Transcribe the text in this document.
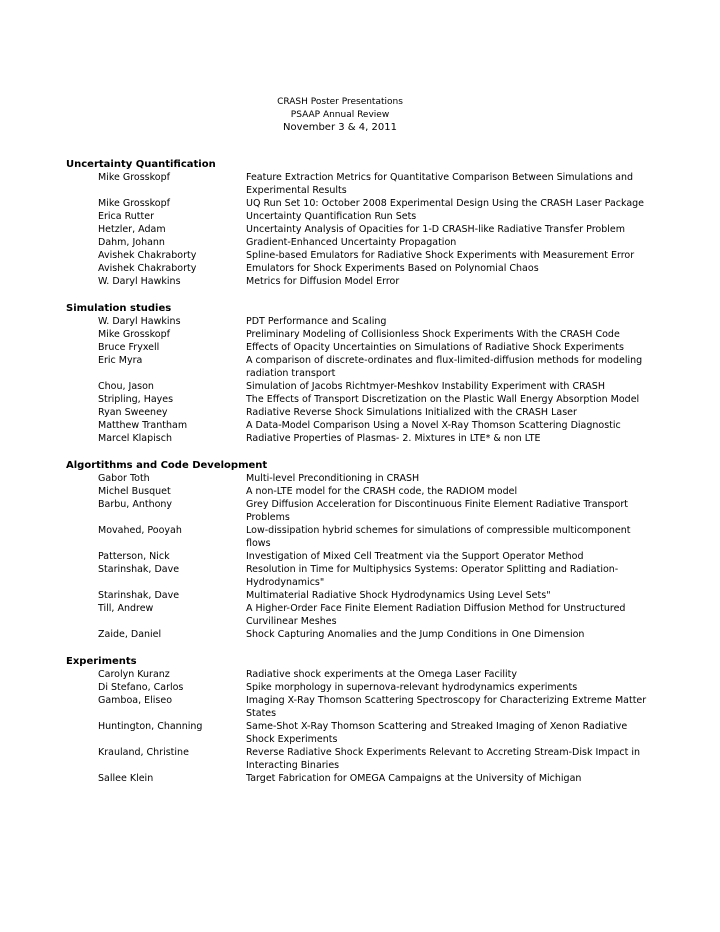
CRASH Poster Presentations
PSAAP Annual Review
November 3 & 4, 2011
Uncertainty Quantification
Mike Grosskopf	Feature Extraction Metrics for Quantitative Comparison Between Simulations and Experimental Results
Mike Grosskopf	UQ Run Set 10: October 2008 Experimental Design Using the CRASH Laser Package
Erica Rutter	Uncertainty Quantification Run Sets
Hetzler, Adam	Uncertainty Analysis of Opacities for 1-D CRASH-like Radiative Transfer Problem
Dahm, Johann	Gradient-Enhanced Uncertainty Propagation
Avishek Chakraborty	Spline-based Emulators for Radiative Shock Experiments with Measurement Error
Avishek Chakraborty	Emulators for Shock Experiments Based on Polynomial Chaos
W. Daryl Hawkins	Metrics for Diffusion Model Error
Simulation studies
W. Daryl Hawkins	PDT Performance and Scaling
Mike Grosskopf	Preliminary Modeling of Collisionless Shock Experiments With the CRASH Code
Bruce Fryxell	Effects of Opacity Uncertainties on Simulations of Radiative Shock Experiments
Eric Myra	A comparison of discrete-ordinates and flux-limited-diffusion methods for modeling radiation transport
Chou, Jason	Simulation of Jacobs Richtmyer-Meshkov Instability Experiment with CRASH
Stripling, Hayes	The Effects of Transport Discretization on the Plastic Wall Energy Absorption Model
Ryan Sweeney	Radiative Reverse Shock Simulations Initialized with the CRASH Laser
Matthew Trantham	A Data-Model Comparison Using a Novel X-Ray Thomson Scattering Diagnostic
Marcel Klapisch	Radiative Properties of Plasmas- 2. Mixtures in LTE* & non LTE
Algortithms and Code Development
Gabor Toth	Multi-level Preconditioning in CRASH
Michel Busquet	A non-LTE model for the CRASH code, the RADIOM model
Barbu, Anthony	Grey Diffusion Acceleration for Discontinuous Finite Element Radiative Transport Problems
Movahed, Pooyah	Low-dissipation hybrid schemes for simulations of compressible multicomponent flows
Patterson, Nick	Investigation of Mixed Cell Treatment via the Support Operator Method
Starinshak, Dave	Resolution in Time for Multiphysics Systems: Operator Splitting and Radiation-Hydrodynamics"
Starinshak, Dave	Multimaterial Radiative Shock Hydrodynamics Using Level Sets"
Till, Andrew	A Higher-Order Face Finite Element Radiation Diffusion Method for Unstructured Curvilinear Meshes
Zaide, Daniel	Shock Capturing Anomalies and the Jump Conditions in One Dimension
Experiments
Carolyn Kuranz	Radiative shock experiments at the Omega Laser Facility
Di Stefano, Carlos	Spike morphology in supernova-relevant hydrodynamics experiments
Gamboa, Eliseo	Imaging X-Ray Thomson Scattering Spectroscopy for Characterizing Extreme Matter States
Huntington, Channing	Same-Shot X-Ray Thomson Scattering and Streaked Imaging of Xenon Radiative Shock Experiments
Krauland, Christine	Reverse Radiative Shock Experiments Relevant to Accreting Stream-Disk Impact in Interacting Binaries
Sallee Klein	Target Fabrication for OMEGA Campaigns at the University of Michigan
